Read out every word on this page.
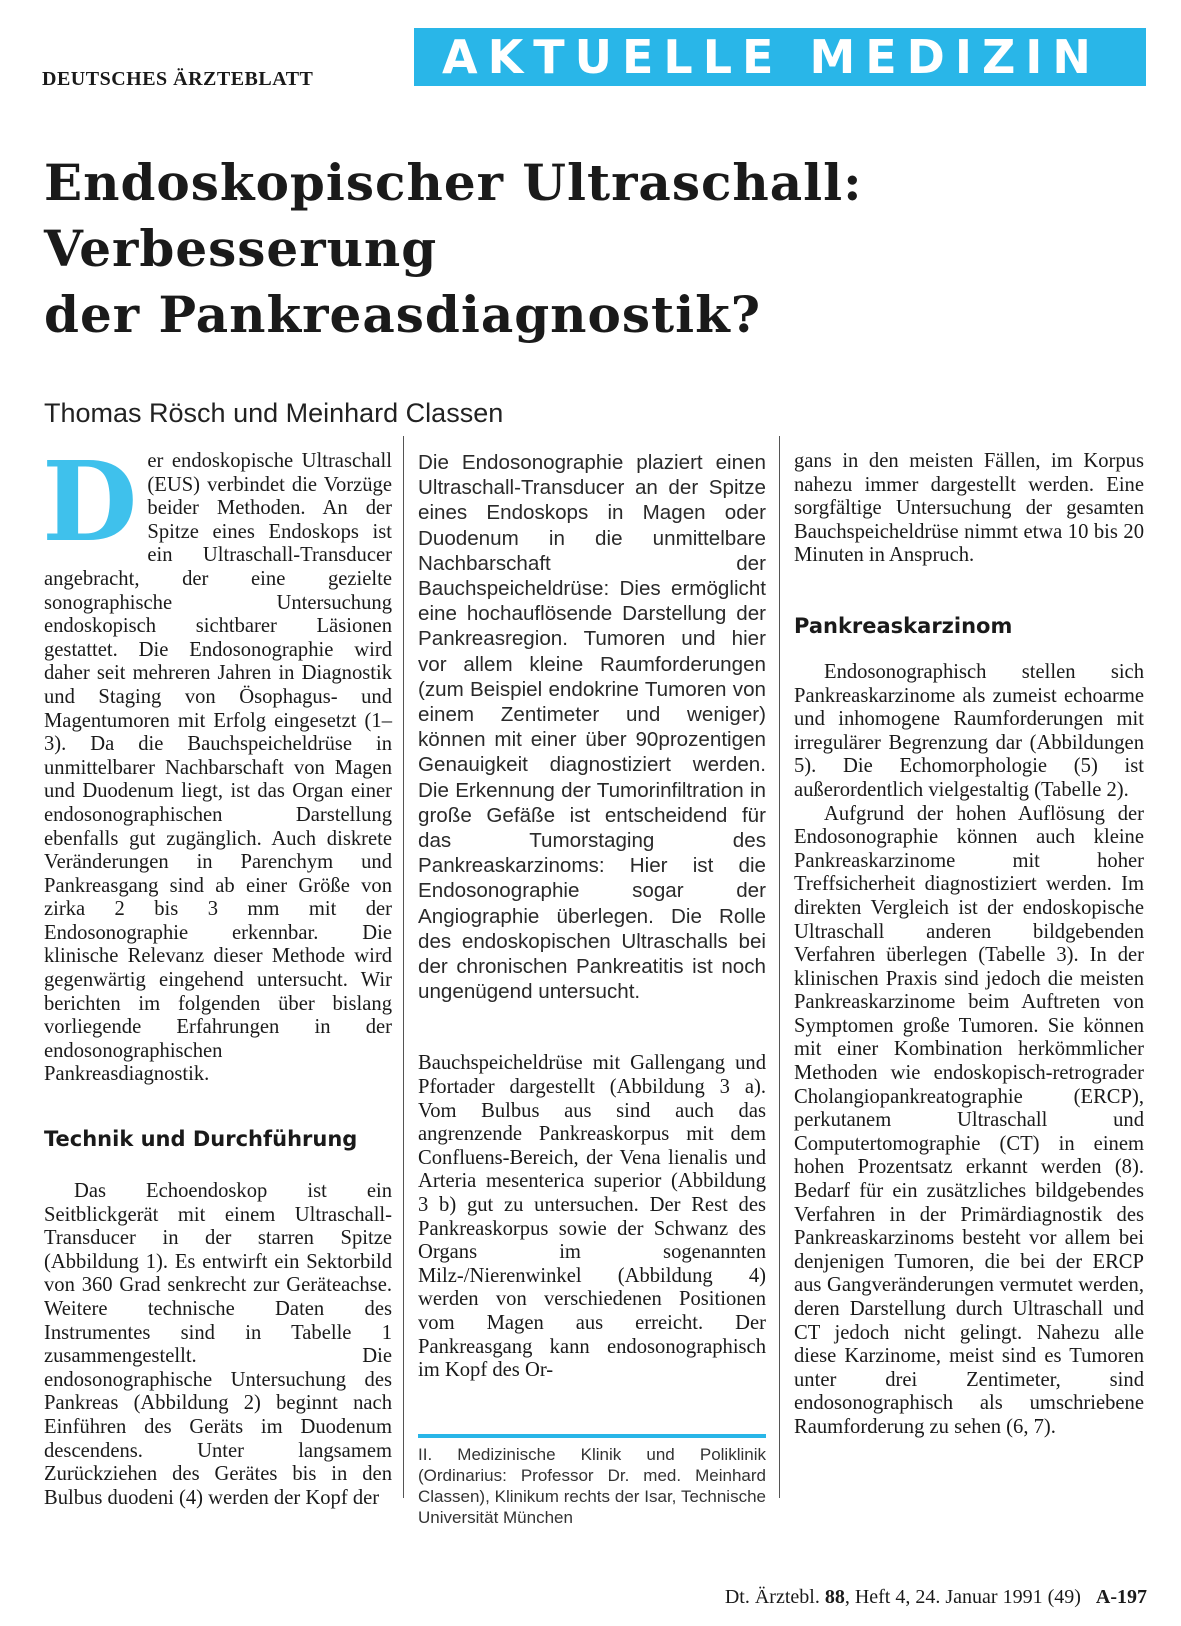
DEUTSCHES ÄRZTEBLATT	AKTUELLE MEDIZIN
Endoskopischer Ultraschall:
Verbesserung
der Pankreasdiagnostik?
Thomas Rösch und Meinhard Classen
D er endoskopische Ultraschall (EUS) verbindet die Vorzüge beider Methoden. An der Spitze eines Endoskops ist ein Ultraschall-Transducer angebracht, der eine gezielte sonographische Untersuchung endoskopisch sichtbarer Läsionen gestattet. Die Endosonographie wird daher seit mehreren Jahren in Diagnostik und Staging von Ösophagus- und Magentumoren mit Erfolg eingesetzt (1–3). Da die Bauchspeicheldrüse in unmittelbarer Nachbarschaft von Magen und Duodenum liegt, ist das Organ einer endosonographischen Darstellung ebenfalls gut zugänglich. Auch diskrete Veränderungen in Parenchym und Pankreasgang sind ab einer Größe von zirka 2 bis 3 mm mit der Endosonographie erkennbar. Die klinische Relevanz dieser Methode wird gegenwärtig eingehend untersucht. Wir berichten im folgenden über bislang vorliegende Erfahrungen in der endosonographischen Pankreasdiagnostik.

Technik und Durchführung

Das Echoendoskop ist ein Seitblickgerät mit einem Ultraschall-Transducer in der starren Spitze (Abbildung 1). Es entwirft ein Sektorbild von 360 Grad senkrecht zur Geräteachse. Weitere technische Daten des Instrumentes sind in Tabelle 1 zusammengestellt. Die endosonographische Untersuchung des Pankreas (Abbildung 2) beginnt nach Einführen des Geräts im Duodenum descendens. Unter langsamem Zurückziehen des Gerätes bis in den Bulbus duodeni (4) werden der Kopf der

Die Endosonographie plaziert einen Ultraschall-Transducer an der Spitze eines Endoskops in Magen oder Duodenum in die unmittelbare Nachbarschaft der Bauchspeicheldrüse: Dies ermöglicht eine hochauflösende Darstellung der Pankreasregion. Tumoren und hier vor allem kleine Raumforderungen (zum Beispiel endokrine Tumoren von einem Zentimeter und weniger) können mit einer über 90prozentigen Genauigkeit diagnostiziert werden. Die Erkennung der Tumorinfiltration in große Gefäße ist entscheidend für das Tumorstaging des Pankreaskarzinoms: Hier ist die Endosonographie sogar der Angiographie überlegen. Die Rolle des endoskopischen Ultraschalls bei der chronischen Pankreatitis ist noch ungenügend untersucht.

Bauchspeicheldrüse mit Gallengang und Pfortader dargestellt (Abbildung 3 a). Vom Bulbus aus sind auch das angrenzende Pankreaskorpus mit dem Confluens-Bereich, der Vena lienalis und Arteria mesenterica superior (Abbildung 3 b) gut zu untersuchen. Der Rest des Pankreaskorpus sowie der Schwanz des Organs im sogenannten Milz-/Nierenwinkel (Abbildung 4) werden von verschiedenen Positionen vom Magen aus erreicht. Der Pankreasgang kann endosonographisch im Kopf des Or-

II. Medizinische Klinik und Poliklinik (Ordinarius: Professor Dr. med. Meinhard Classen), Klinikum rechts der Isar, Technische Universität München

gans in den meisten Fällen, im Korpus nahezu immer dargestellt werden. Eine sorgfältige Untersuchung der gesamten Bauchspeicheldrüse nimmt etwa 10 bis 20 Minuten in Anspruch.

Pankreaskarzinom

Endosonographisch stellen sich Pankreaskarzinome als zumeist echoarme und inhomogene Raumforderungen mit irregulärer Begrenzung dar (Abbildungen 5). Die Echomorphologie (5) ist außerordentlich vielgestaltig (Tabelle 2).

Aufgrund der hohen Auflösung der Endosonographie können auch kleine Pankreaskarzinome mit hoher Treffsicherheit diagnostiziert werden. Im direkten Vergleich ist der endoskopische Ultraschall anderen bildgebenden Verfahren überlegen (Tabelle 3). In der klinischen Praxis sind jedoch die meisten Pankreaskarzinome beim Auftreten von Symptomen große Tumoren. Sie können mit einer Kombination herkömmlicher Methoden wie endoskopisch-retrograder Cholangiopankreatographie (ERCP), perkutanem Ultraschall und Computertomographie (CT) in einem hohen Prozentsatz erkannt werden (8). Bedarf für ein zusätzliches bildgebendes Verfahren in der Primärdiagnostik des Pankreaskarzinoms besteht vor allem bei denjenigen Tumoren, die bei der ERCP aus Gangveränderungen vermutet werden, deren Darstellung durch Ultraschall und CT jedoch nicht gelingt. Nahezu alle diese Karzinome, meist sind es Tumoren unter drei Zentimeter, sind endosonographisch als umschriebene Raumforderung zu sehen (6, 7).

Dt. Ärztebl. 88, Heft 4, 24. Januar 1991 (49) A-197
